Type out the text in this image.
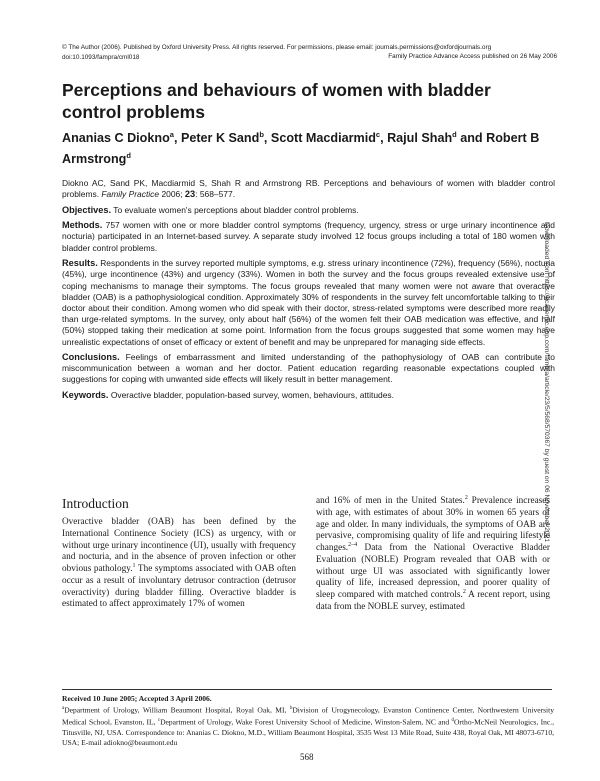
© The Author (2006). Published by Oxford University Press. All rights reserved. For permissions, please email: journals.permissions@oxfordjournals.org
doi:10.1093/fampra/cml018	Family Practice Advance Access published on 26 May 2006
Perceptions and behaviours of women with bladder control problems
Ananias C Diokno$^a$, Peter K Sand$^b$, Scott Macdiarmid$^c$, Rajul Shah$^d$ and Robert B Armstrong$^d$

Diokno AC, Sand PK, Macdiarmid S, Shah R and Armstrong RB. Perceptions and behaviours of women with bladder control problems. Family Practice 2006; 23: 568–577.

Objectives. To evaluate women's perceptions about bladder control problems.

Methods. 757 women with one or more bladder control symptoms (frequency, urgency, stress or urge urinary incontinence and nocturia) participated in an Internet-based survey. A separate study involved 12 focus groups including a total of 180 women with bladder control problems.

Results. Respondents in the survey reported multiple symptoms, e.g. stress urinary incontinence (72%), frequency (56%), nocturia (45%), urge incontinence (43%) and urgency (33%). Women in both the survey and the focus groups revealed extensive use of coping mechanisms to manage their symptoms. The focus groups revealed that many women were not aware that overactive bladder (OAB) is a pathophysiological condition. Approximately 30% of respondents in the survey felt uncomfortable talking to their doctor about their condition. Among women who did speak with their doctor, stress-related symptoms were described more readily than urge-related symptoms. In the survey, only about half (56%) of the women felt their OAB medication was effective, and half (50%) stopped taking their medication at some point. Information from the focus groups suggested that some women may have unrealistic expectations of onset of efficacy or extent of benefit and may be unprepared for managing side effects.

Conclusions. Feelings of embarrassment and limited understanding of the pathophysiology of OAB can contribute to miscommunication between a woman and her doctor. Patient education regarding reasonable expectations coupled with suggestions for coping with unwanted side effects will likely result in better management.

Keywords. Overactive bladder, population-based survey, women, behaviours, attitudes.	Downloaded from https://academic.oup.com/fampra/article/23/5/568/570367 by guest on 06 November 2021
Introduction
Overactive bladder (OAB) has been defined by the International Continence Society (ICS) as urgency, with or without urge urinary incontinence (UI), usually with frequency and nocturia, and in the absence of proven infection or other obvious pathology.$^1$ The symptoms associated with OAB often occur as a result of involuntary detrusor contraction (detrusor overactivity) during bladder filling. Overactive bladder is estimated to affect approximately 17% of women
and 16% of men in the United States.$^2$ Prevalence increases with age, with estimates of about 30% in women 65 years of age and older. In many individuals, the symptoms of OAB are pervasive, compromising quality of life and requiring lifestyle changes.$^{2-4}$ Data from the National Overactive Bladder Evaluation (NOBLE) Program revealed that OAB with or without urge UI was associated with significantly lower quality of life, increased depression, and poorer quality of sleep compared with matched controls.$^2$ A recent report, using data from the NOBLE survey, estimated

Received 10 June 2005; Accepted 3 April 2006.

$^a$Department of Urology, William Beaumont Hospital, Royal Oak, MI, $^b$Division of Urogynecology, Evanston Continence Center, Northwestern University Medical School, Evanston, IL, $^c$Department of Urology, Wake Forest University School of Medicine, Winston-Salem, NC and $^d$Ortho-McNeil Neurologics, Inc., Titusville, NJ, USA. Correspondence to: Ananias C. Diokno, M.D., William Beaumont Hospital, 3535 West 13 Mile Road, Suite 438, Royal Oak, MI 48073-6710, USA; E-mail adiokno@beaumont.edu

568
